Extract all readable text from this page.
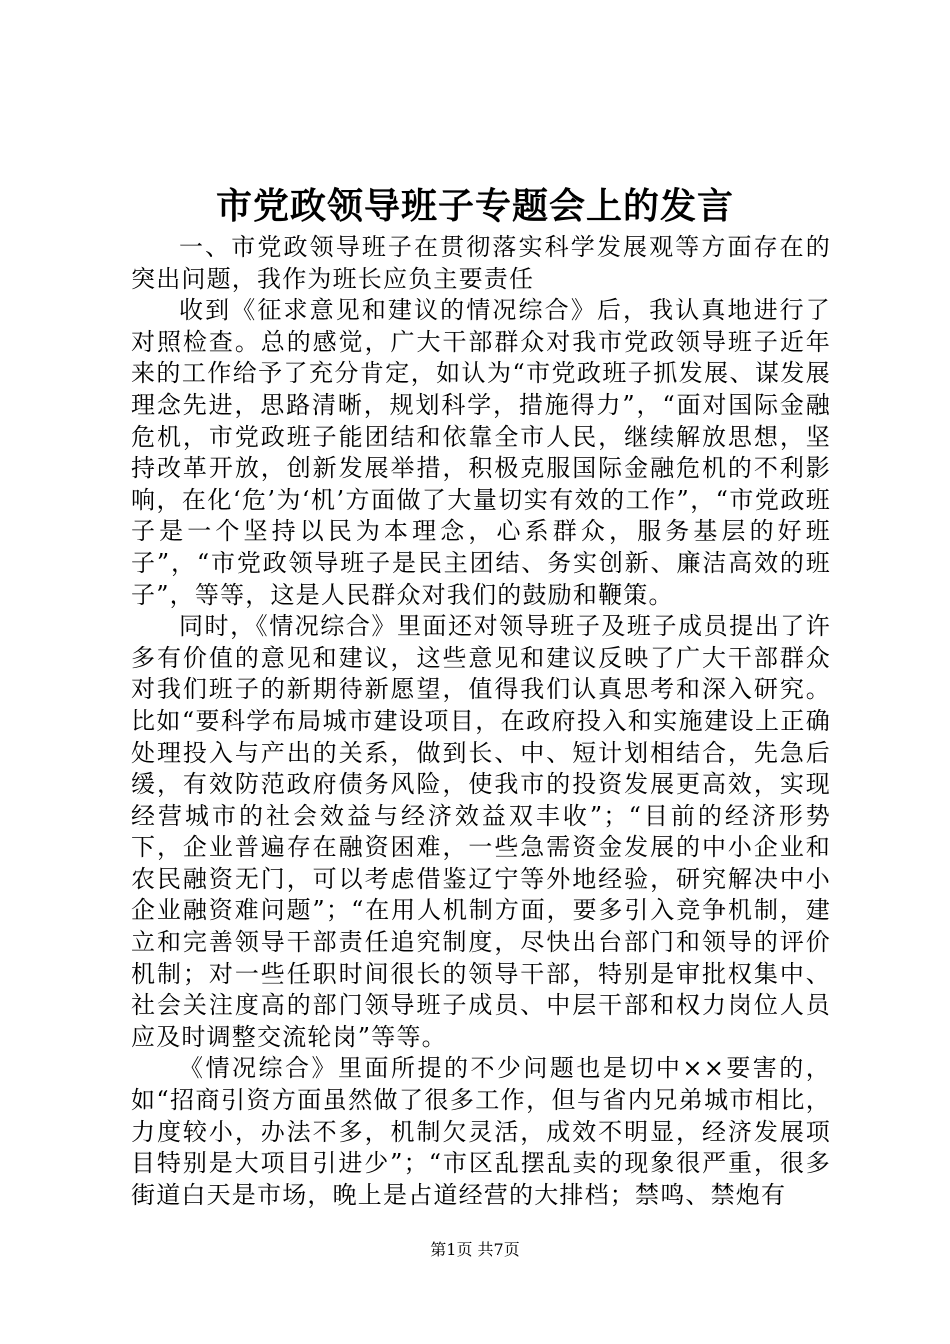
市党政领导班子专题会上的发言

一、市党政领导班子在贯彻落实科学发展观等方面存在的突出问题，我作为班长应负主要责任

收到《征求意见和建议的情况综合》后，我认真地进行了对照检查。总的感觉，广大干部群众对我市党政领导班子近年来的工作给予了充分肯定，如认为“市党政班子抓发展、谋发展理念先进，思路清晰，规划科学，措施得力”，“面对国际金融危机，市党政班子能团结和依靠全市人民，继续解放思想，坚持改革开放，创新发展举措，积极克服国际金融危机的不利影响，在化‘危’为‘机’方面做了大量切实有效的工作”，“市党政班子是一个坚持以民为本理念，心系群众，服务基层的好班子”，“市党政领导班子是民主团结、务实创新、廉洁高效的班子”，等等，这是人民群众对我们的鼓励和鞭策。

同时，《情况综合》里面还对领导班子及班子成员提出了许多有价值的意见和建议，这些意见和建议反映了广大干部群众对我们班子的新期待新愿望，值得我们认真思考和深入研究。比如“要科学布局城市建设项目，在政府投入和实施建设上正确处理投入与产出的关系，做到长、中、短计划相结合，先急后缓，有效防范政府债务风险，使我市的投资发展更高效，实现经营城市的社会效益与经济效益双丰收”；“目前的经济形势下，企业普遍存在融资困难，一些急需资金发展的中小企业和农民融资无门，可以考虑借鉴辽宁等外地经验，研究解决中小企业融资难问题”；“在用人机制方面，要多引入竞争机制，建立和完善领导干部责任追究制度，尽快出台部门和领导的评价机制；对一些任职时间很长的领导干部，特别是审批权集中、社会关注度高的部门领导班子成员、中层干部和权力岗位人员应及时调整交流轮岗”等等。

《情况综合》里面所提的不少问题也是切中××要害的，如“招商引资方面虽然做了很多工作，但与省内兄弟城市相比，力度较小，办法不多，机制欠灵活，成效不明显，经济发展项目特别是大项目引进少”；“市区乱摆乱卖的现象很严重，很多街道白天是市场，晚上是占道经营的大排档；禁鸣、禁炮有

第1页 共7页
